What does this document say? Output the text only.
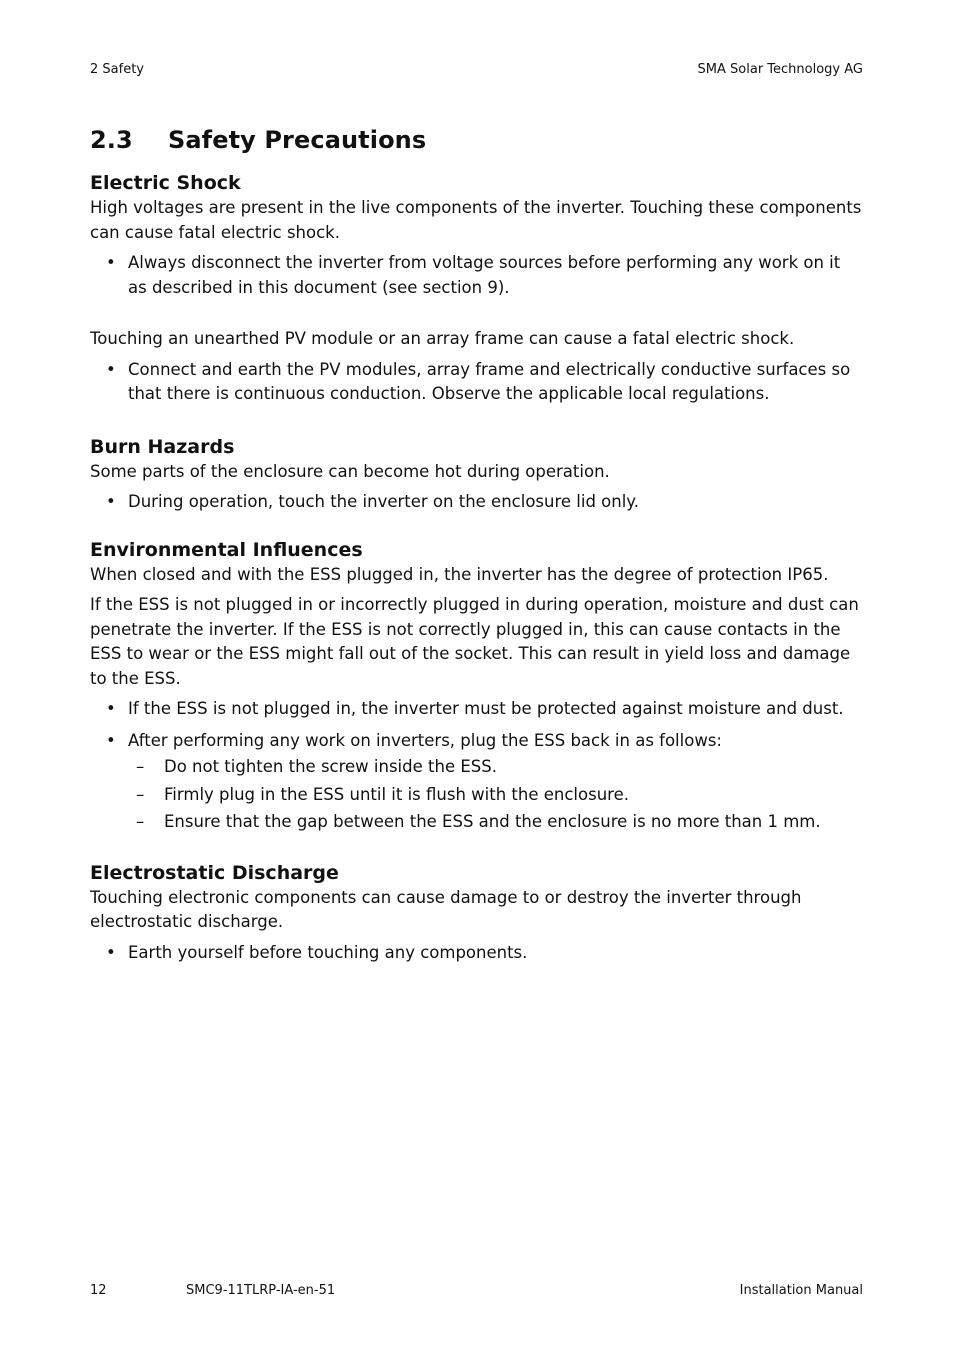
2 Safety	SMA Solar Technology AG
2.3	Safety Precautions
Electric Shock

High voltages are present in the live components of the inverter. Touching these components can cause fatal electric shock.

• Always disconnect the inverter from voltage sources before performing any work on it as described in this document (see section 9).

Touching an unearthed PV module or an array frame can cause a fatal electric shock.

• Connect and earth the PV modules, array frame and electrically conductive surfaces so that there is continuous conduction. Observe the applicable local regulations.
Burn Hazards

Some parts of the enclosure can become hot during operation.

• During operation, touch the inverter on the enclosure lid only.
Environmental Influences

When closed and with the ESS plugged in, the inverter has the degree of protection IP65.

If the ESS is not plugged in or incorrectly plugged in during operation, moisture and dust can penetrate the inverter. If the ESS is not correctly plugged in, this can cause contacts in the ESS to wear or the ESS might fall out of the socket. This can result in yield loss and damage to the ESS.

• If the ESS is not plugged in, the inverter must be protected against moisture and dust.
• After performing any work on inverters, plug the ESS back in as follows:
– Do not tighten the screw inside the ESS.
– Firmly plug in the ESS until it is flush with the enclosure.
– Ensure that the gap between the ESS and the enclosure is no more than 1 mm.
Electrostatic Discharge

Touching electronic components can cause damage to or destroy the inverter through electrostatic discharge.

• Earth yourself before touching any components.
12	SMC9-11TLRP-IA-en-51	Installation Manual
